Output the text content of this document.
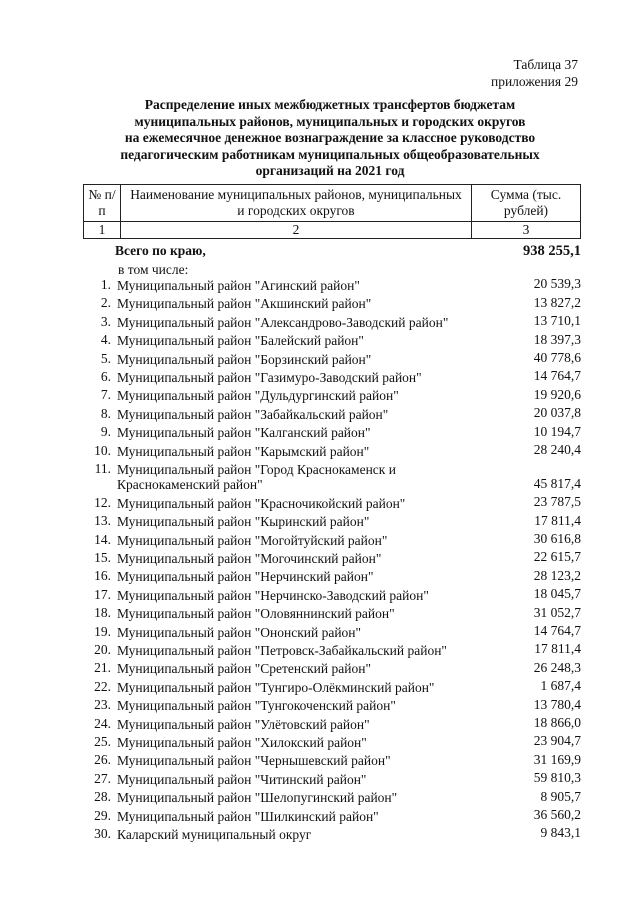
Таблица 37
приложения 29
Распределение иных межбюджетных трансфертов бюджетам
муниципальных районов, муниципальных и городских округов
на ежемесячное денежное вознаграждение за классное руководство
педагогическим работникам муниципальных общеобразовательных
организаций на 2021 год
№ п/п	Наименование муниципальных районов, муниципальных и городских округов	Сумма (тыс. рублей)
1	2	3
Всего по краю,	938 255,1
в том числе:
1. Муниципальный район "Агинский район"	20 539,3
2. Муниципальный район "Акшинский район"	13 827,2
3. Муниципальный район "Александрово-Заводский район"	13 710,1
4. Муниципальный район "Балейский район"	18 397,3
5. Муниципальный район "Борзинский район"	40 778,6
6. Муниципальный район "Газимуро-Заводский район"	14 764,7
7. Муниципальный район "Дульдургинский район"	19 920,6
8. Муниципальный район "Забайкальский район"	20 037,8
9. Муниципальный район "Калганский район"	10 194,7
10. Муниципальный район "Карымский район"	28 240,4
11. Муниципальный район "Город Краснокаменск и Краснокаменский район"	45 817,4
12. Муниципальный район "Красночикойский район"	23 787,5
13. Муниципальный район "Кыринский район"	17 811,4
14. Муниципальный район "Могойтуйский район"	30 616,8
15. Муниципальный район "Могочинский район"	22 615,7
16. Муниципальный район "Нерчинский район"	28 123,2
17. Муниципальный район "Нерчинско-Заводский район"	18 045,7
18. Муниципальный район "Оловяннинский район"	31 052,7
19. Муниципальный район "Ононский район"	14 764,7
20. Муниципальный район "Петровск-Забайкальский район"	17 811,4
21. Муниципальный район "Сретенский район"	26 248,3
22. Муниципальный район "Тунгиро-Олёкминский район"	1 687,4
23. Муниципальный район "Тунгокоченский район"	13 780,4
24. Муниципальный район "Улётовский район"	18 866,0
25. Муниципальный район "Хилокский район"	23 904,7
26. Муниципальный район "Чернышевский район"	31 169,9
27. Муниципальный район "Читинский район"	59 810,3
28. Муниципальный район "Шелопугинский район"	8 905,7
29. Муниципальный район "Шилкинский район"	36 560,2
30. Каларский муниципальный округ	9 843,1
